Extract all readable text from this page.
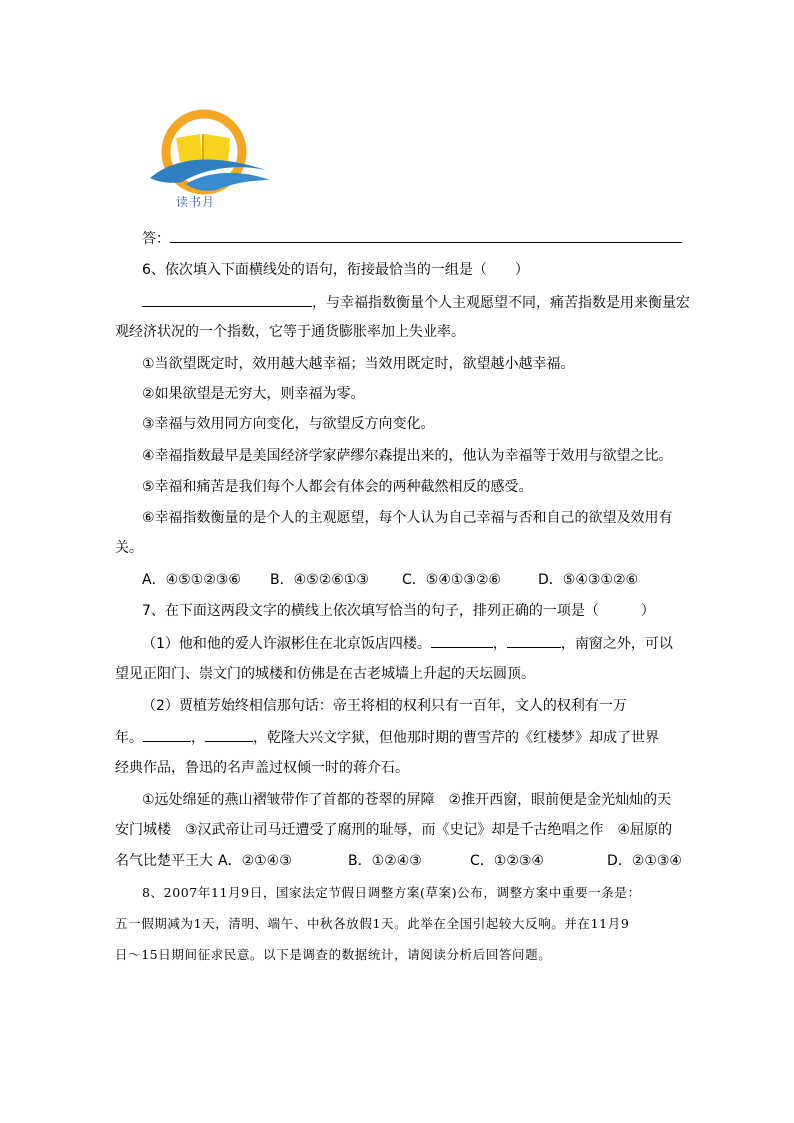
读书月
答：
6、依次填入下面横线处的语句，衔接最恰当的一组是（　　）
，与幸福指数衡量个人主观愿望不同，痛苦指数是用来衡量宏
观经济状况的一个指数，它等于通货膨胀率加上失业率。
①当欲望既定时，效用越大越幸福；当效用既定时，欲望越小越幸福。
②如果欲望是无穷大，则幸福为零。
③幸福与效用同方向变化，与欲望反方向变化。
④幸福指数最早是美国经济学家萨缪尔森提出来的，他认为幸福等于效用与欲望之比。
⑤幸福和痛苦是我们每个人都会有体会的两种截然相反的感受。
⑥幸福指数衡量的是个人的主观愿望，每个人认为自己幸福与否和自己的欲望及效用有
关。
A．④⑤①②③⑥ B．④⑤②⑥①③ C．⑤④①③②⑥	D．⑤④③①②⑥
7、在下面这两段文字的横线上依次填写恰当的句子，排列正确的一项是（　　　）
（1）他和他的爱人许淑彬住在北京饭店四楼。	，	，南窗之外，可以
望见正阳门、崇文门的城楼和仿佛是在古老城墙上升起的天坛圆顶。
（2）贾植芳始终相信那句话：帝王将相的权利只有一百年，文人的权利有一万
年。	，	，乾隆大兴文字狱，但他那时期的曹雪芹的《红楼梦》却成了世界
经典作品，鲁迅的名声盖过权倾一时的蒋介石。
①远处绵延的燕山褶皱带作了首都的苍翠的屏障　②推开西窗，眼前便是金光灿灿的天
安门城楼　③汉武帝让司马迁遭受了腐刑的耻辱，而《史记》却是千古绝唱之作　④屈原的
名气比楚平王大 A．②①④③	B．①②④③	C．①②③④	D．②①③④
8、2007年11月9日，国家法定节假日调整方案(草案)公布，调整方案中重要一条是：
五一假期减为1天，清明、端午、中秋各放假1天。此举在全国引起较大反响。并在11月9
日～15日期间征求民意。以下是调查的数据统计，请阅读分析后回答问题。
